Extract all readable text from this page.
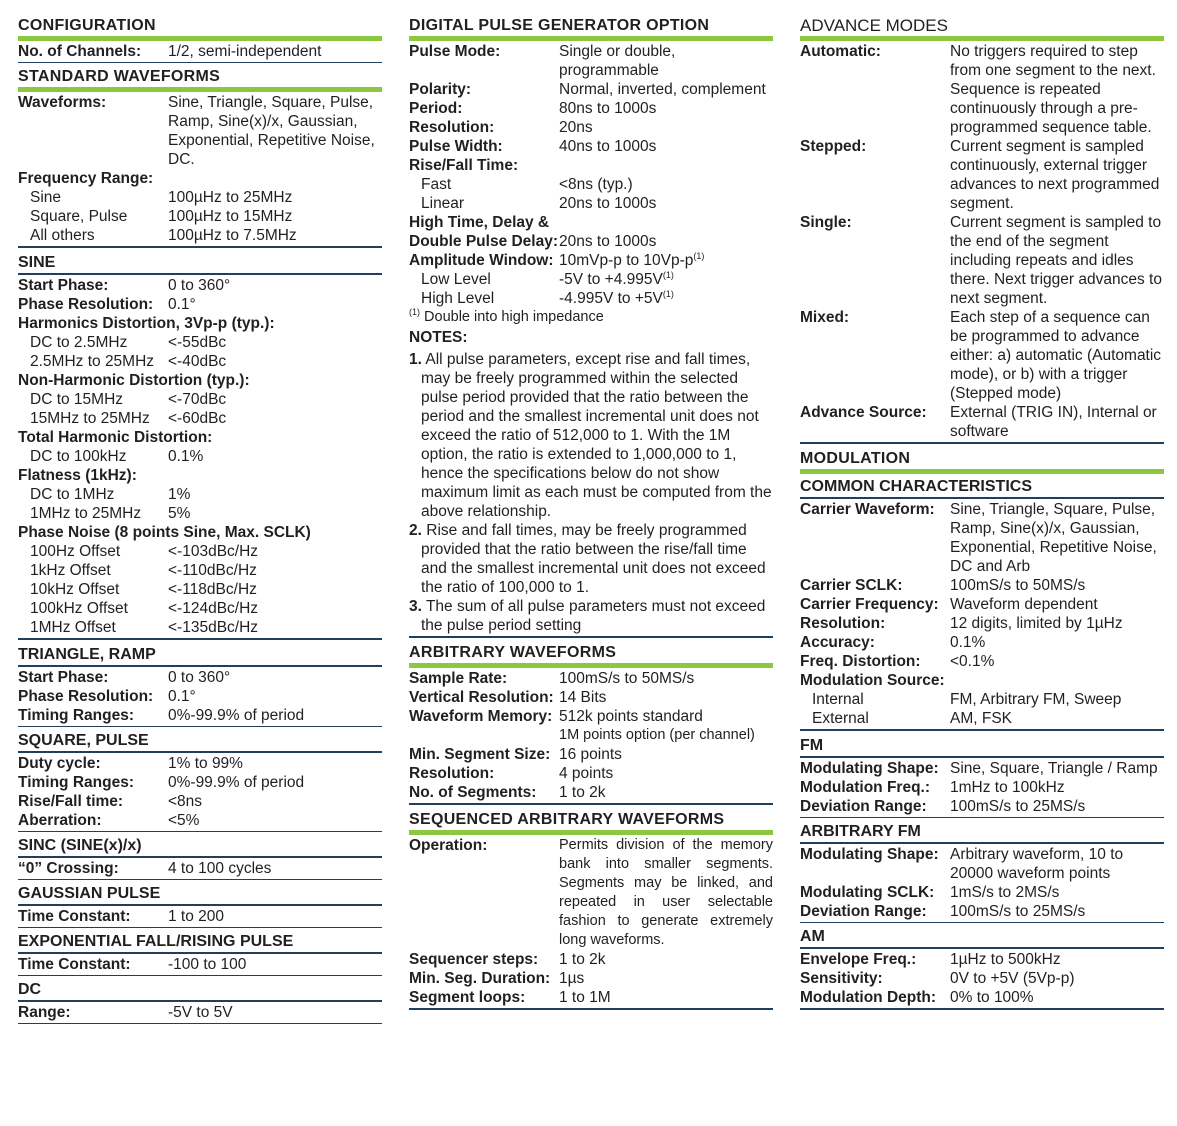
CONFIGURATION
No. of Channels:	1/2, semi-independent
STANDARD WAVEFORMS
Waveforms:	Sine, Triangle, Square, Pulse, Ramp, Sine(x)/x, Gaussian, Exponential, Repetitive Noise, DC.
Frequency Range:
Sine	100µHz to 25MHz
Square, Pulse	100µHz to 15MHz
All others	100µHz to 7.5MHz
SINE
Start Phase:	0 to 360°
Phase Resolution: 0.1°
Harmonics Distortion, 3Vp-p (typ.):
DC to 2.5MHz	<-55dBc
2.5MHz to 25MHz <-40dBc
Non-Harmonic Distortion (typ.):
DC to 15MHz	<-70dBc
15MHz to 25MHz	<-60dBc
Total Harmonic Distortion:
DC to 100kHz	0.1%
Flatness (1kHz):
DC to 1MHz	1%
1MHz to 25MHz	5%
Phase Noise (8 points Sine, Max. SCLK)
100Hz Offset	<-103dBc/Hz
1kHz Offset	<-110dBc/Hz
10kHz Offset	<-118dBc/Hz
100kHz Offset	<-124dBc/Hz
1MHz Offset	<-135dBc/Hz
TRIANGLE, RAMP
Start Phase:	0 to 360°
Phase Resolution: 0.1°
Timing Ranges:	0%-99.9% of period
SQUARE, PULSE
Duty cycle:	1% to 99%
Timing Ranges:	0%-99.9% of period
Rise/Fall time:	<8ns
Aberration:	<5%
SINC (SINE(x)/x)
“0” Crossing:	4 to 100 cycles
GAUSSIAN PULSE
Time Constant:	1 to 200
EXPONENTIAL FALL/RISING PULSE
Time Constant:	-100 to 100
DC
Range:	-5V to 5V
DIGITAL PULSE GENERATOR OPTION
Pulse Mode:	Single or double, programmable
Polarity:	Normal, inverted, complement
Period:	80ns to 1000s
Resolution:	20ns
Pulse Width:	40ns to 1000s
Rise/Fall Time:
Fast	<8ns (typ.)
Linear	20ns to 1000s
High Time, Delay &
Double Pulse Delay: 20ns to 1000s
Amplitude Window: 10mVp-p to $10Vp-p^{(1)}$
Low Level	-5V to $+4.995V^{(1)}$
High Level	-4.995V to $+5V^{(1)}$
$^{(1)}$ Double into high impedance
NOTES:
1. All pulse parameters, except rise and fall times, may be freely programmed within the selected pulse period provided that the ratio between the period and the smallest incremental unit does not exceed the ratio of 512,000 to 1. With the 1M option, the ratio is extended to 1,000,000 to 1, hence the specifications below do not show maximum limit as each must be computed from the above relationship.
2. Rise and fall times, may be freely programmed provided that the ratio between the rise/fall time and the smallest incremental unit does not exceed the ratio of 100,000 to 1.
3. The sum of all pulse parameters must not exceed the pulse period setting
ARBITRARY WAVEFORMS
Sample Rate:	100mS/s to 50MS/s
Vertical Resolution: 14 Bits
Waveform Memory: 512k points standard
1M points option (per channel)
Min. Segment Size: 16 points
Resolution:	4 points
No. of Segments:	1 to 2k
SEQUENCED ARBITRARY WAVEFORMS
Operation:	Permits division of the memory bank into smaller segments. Segments may be linked, and repeated in user selectable fashion to generate extremely long waveforms.
Sequencer steps:	1 to 2k
Min. Seg. Duration: 1µs
Segment loops:	1 to 1M
ADVANCE MODES
Automatic:	No triggers required to step from one segment to the next. Sequence is repeated continuously through a pre-programmed sequence table.
Stepped:	Current segment is sampled continuously, external trigger advances to next programmed segment.
Single:	Current segment is sampled to the end of the segment including repeats and idles there. Next trigger advances to next segment.
Mixed:	Each step of a sequence can be programmed to advance either: a) automatic (Automatic mode), or b) with a trigger (Stepped mode)
Advance Source:	External (TRIG IN), Internal or software
MODULATION
COMMON CHARACTERISTICS
Carrier Waveform: Sine, Triangle, Square, Pulse, Ramp, Sine(x)/x, Gaussian, Exponential, Repetitive Noise, DC and Arb
Carrier SCLK:	100mS/s to 50MS/s
Carrier Frequency: Waveform dependent
Resolution:	12 digits, limited by 1µHz
Accuracy:	0.1%
Freq. Distortion:	<0.1%
Modulation Source:
Internal	FM, Arbitrary FM, Sweep
External	AM, FSK
FM
Modulating Shape: Sine, Square, Triangle / Ramp
Modulation Freq.:	1mHz to 100kHz
Deviation Range:	100mS/s to 25MS/s
ARBITRARY FM
Modulating Shape: Arbitrary waveform, 10 to 20000 waveform points
Modulating SCLK:	1mS/s to 2MS/s
Deviation Range:	100mS/s to 25MS/s
AM
Envelope Freq.:	1µHz to 500kHz
Sensitivity:	0V to +5V (5Vp-p)
Modulation Depth: 0% to 100%
